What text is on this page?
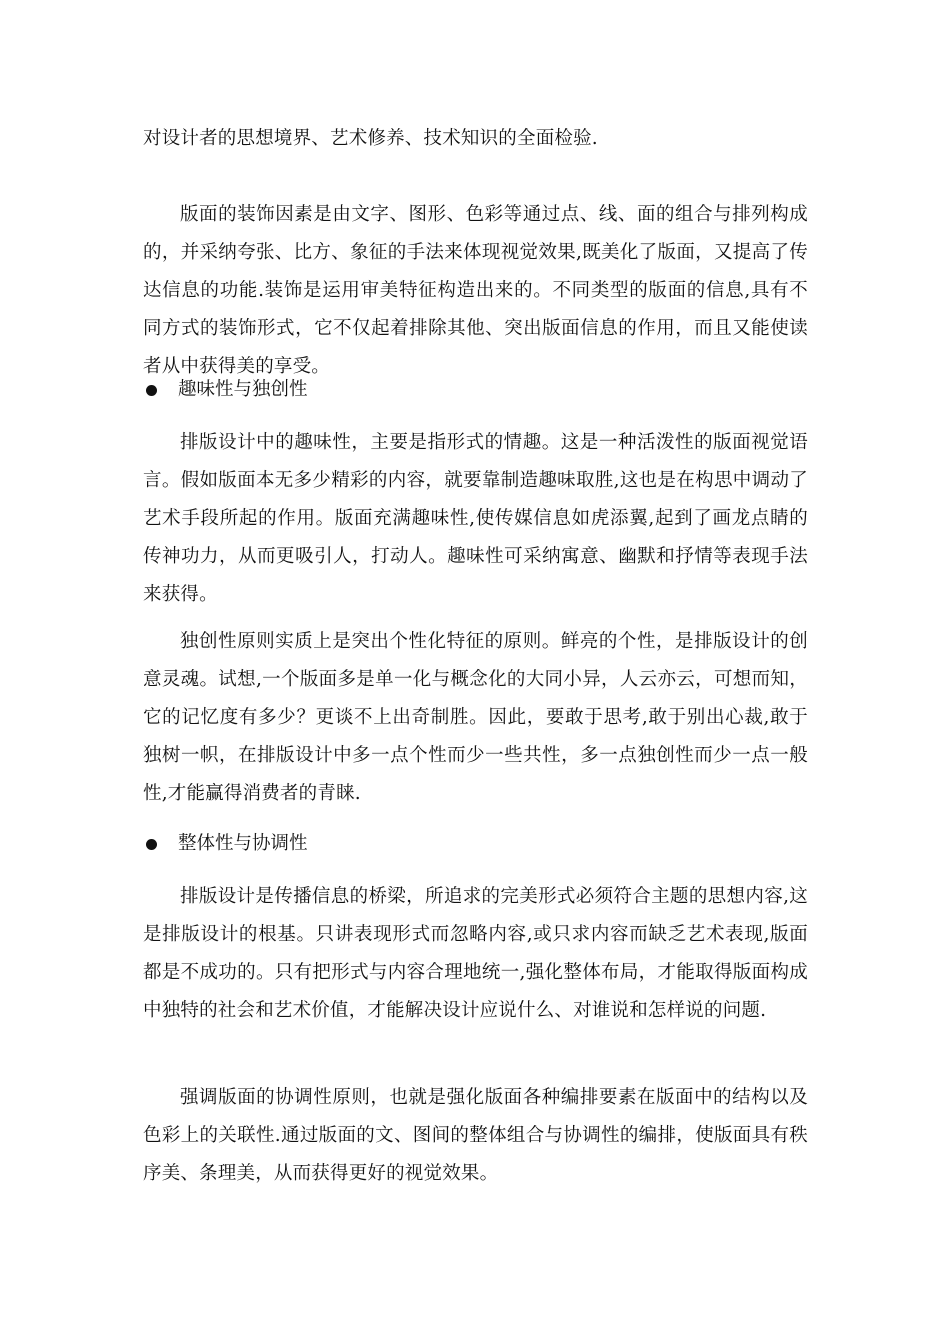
对设计者的思想境界、艺术修养、技术知识的全面检验.

版面的装饰因素是由文字、图形、色彩等通过点、线、面的组合与排列构成的，并采纳夸张、比方、象征的手法来体现视觉效果,既美化了版面，又提高了传达信息的功能.装饰是运用审美特征构造出来的。不同类型的版面的信息,具有不同方式的装饰形式，它不仅起着排除其他、突出版面信息的作用，而且又能使读者从中获得美的享受。

趣味性与独创性

排版设计中的趣味性，主要是指形式的情趣。这是一种活泼性的版面视觉语言。假如版面本无多少精彩的内容，就要靠制造趣味取胜,这也是在构思中调动了艺术手段所起的作用。版面充满趣味性,使传媒信息如虎添翼,起到了画龙点睛的传神功力，从而更吸引人，打动人。趣味性可采纳寓意、幽默和抒情等表现手法来获得。

独创性原则实质上是突出个性化特征的原则。鲜亮的个性，是排版设计的创意灵魂。试想,一个版面多是单一化与概念化的大同小异，人云亦云，可想而知，它的记忆度有多少？更谈不上出奇制胜。因此，要敢于思考,敢于别出心裁,敢于独树一帜，在排版设计中多一点个性而少一些共性，多一点独创性而少一点一般性,才能赢得消费者的青睐.

整体性与协调性

排版设计是传播信息的桥梁，所追求的完美形式必须符合主题的思想内容,这是排版设计的根基。只讲表现形式而忽略内容,或只求内容而缺乏艺术表现,版面都是不成功的。只有把形式与内容合理地统一,强化整体布局，才能取得版面构成中独特的社会和艺术价值，才能解决设计应说什么、对谁说和怎样说的问题.

强调版面的协调性原则，也就是强化版面各种编排要素在版面中的结构以及色彩上的关联性.通过版面的文、图间的整体组合与协调性的编排，使版面具有秩序美、条理美，从而获得更好的视觉效果。
